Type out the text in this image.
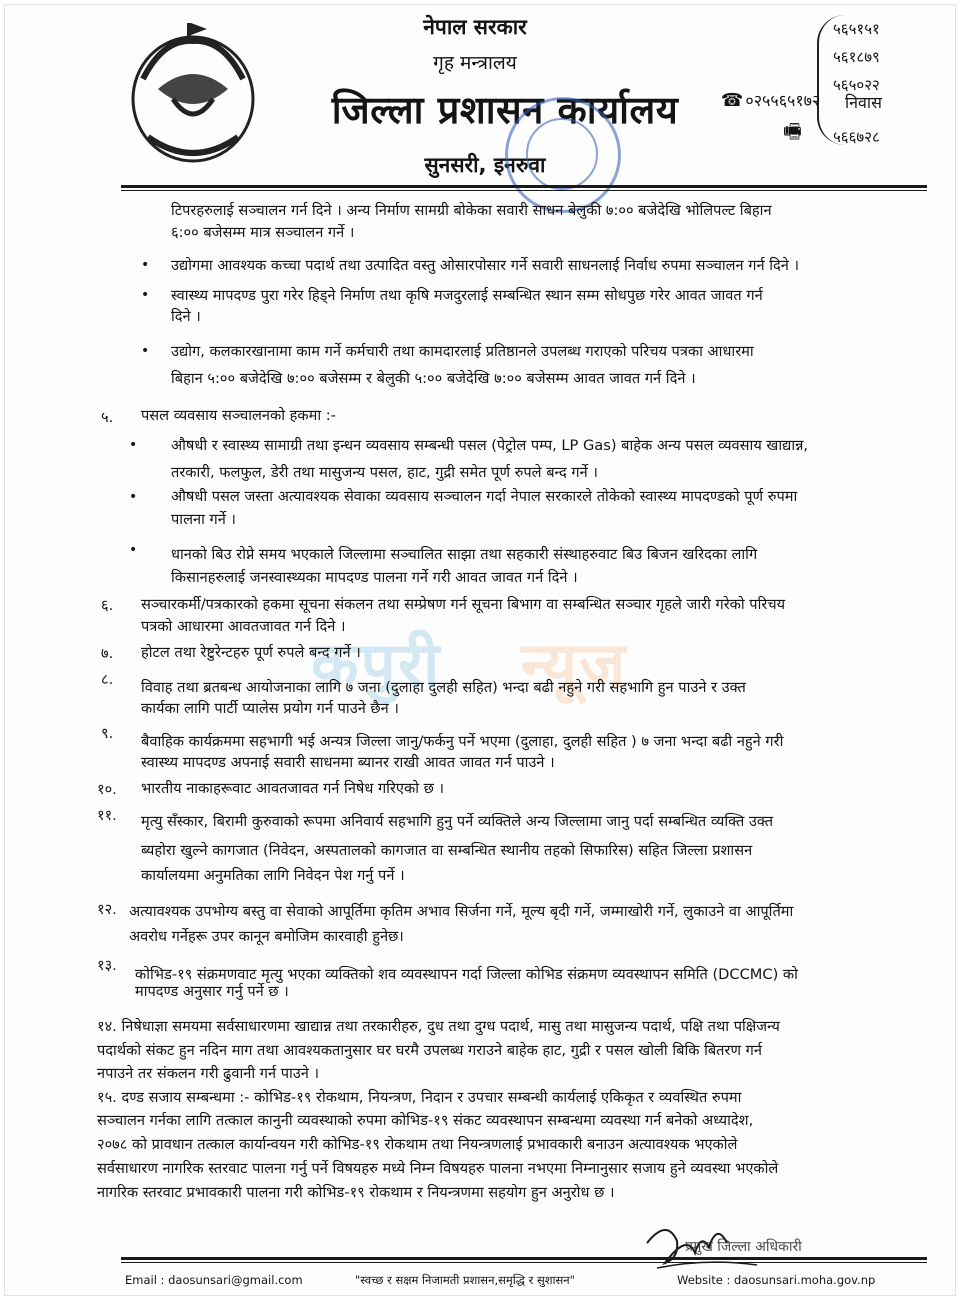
नेपाल सरकार
गृह मन्त्रालय
जिल्ला प्रशासन कार्यालय
सुनसरी, इनरुवा
५६५१५१
५६१८७९
५६५०२२
५६६७२८
☎ ०२५५६५१७२ निवास
🖷
कपुरी न्यूज
टिपरहरुलाई सञ्चालन गर्न दिने । अन्य निर्माण सामग्री बोकेका सवारी साधन बेलुकी ७:०० बजेदेखि भोलिपल्ट बिहान
६:०० बजेसम्म मात्र सञ्चालन गर्ने ।
• उद्योगमा आवश्यक कच्चा पदार्थ तथा उत्पादित वस्तु ओसारपोसार गर्ने सवारी साधनलाई निर्वाध रुपमा सञ्चालन गर्न दिने ।
• स्वास्थ्य मापदण्ड पुरा गरेर हिड्ने निर्माण तथा कृषि मजदुरलाई सम्बन्धित स्थान सम्म सोधपुछ गरेर आवत जावत गर्न
दिने ।
• उद्योग, कलकारखानामा काम गर्ने कर्मचारी तथा कामदारलाई प्रतिष्ठानले उपलब्ध गराएको परिचय पत्रका आधारमा
बिहान ५:०० बजेदेखि ७:०० बजेसम्म र बेलुकी ५:०० बजेदेखि ७:०० बजेसम्म आवत जावत गर्न दिने ।
५. पसल व्यवसाय सञ्चालनको हकमा :-
• औषधी र स्वास्थ्य सामाग्री तथा इन्धन व्यवसाय सम्बन्धी पसल (पेट्रोल पम्प, LP Gas) बाहेक अन्य पसल व्यवसाय खाद्यान्न,
तरकारी, फलफुल, डेरी तथा मासुजन्य पसल, हाट, गुद्री समेत पूर्ण रुपले बन्द गर्ने ।
• औषधी पसल जस्ता अत्यावश्यक सेवाका व्यवसाय सञ्चालन गर्दा नेपाल सरकारले तोकेको स्वास्थ्य मापदण्डको पूर्ण रुपमा
पालना गर्ने ।
• धानको बिउ रोप्ने समय भएकाले जिल्लामा सञ्चालित साझा तथा सहकारी संस्थाहरुवाट बिउ बिजन खरिदका लागि
किसानहरुलाई जनस्वास्थ्यका मापदण्ड पालना गर्ने गरी आवत जावत गर्न दिने ।
६. सञ्चारकर्मी/पत्रकारको हकमा सूचना संकलन तथा सम्प्रेषण गर्न सूचना बिभाग वा सम्बन्धित सञ्चार गृहले जारी गरेको परिचय
पत्रको आधारमा आवतजावत गर्न दिने ।
७. होटल तथा रेष्टुरेन्टहरु पूर्ण रुपले बन्द गर्ने ।
८. विवाह तथा ब्रतबन्ध आयोजनाका लागि ७ जना (दुलाहा दुलही सहित) भन्दा बढी नहुने गरी सहभागि हुन पाउने र उक्त
कार्यका लागि पार्टी प्यालेस प्रयोग गर्न पाउने छैन ।
९. बैवाहिक कार्यक्रममा सहभागी भई अन्यत्र जिल्ला जानु/फर्कनु पर्ने भएमा (दुलाहा, दुलही सहित ) ७ जना भन्दा बढी नहुने गरी
स्वास्थ्य मापदण्ड अपनाई सवारी साधनमा ब्यानर राखी आवत जावत गर्न पाउने ।
१०. भारतीय नाकाहरूवाट आवतजावत गर्न निषेध गरिएको छ ।
११. मृत्यु सँस्कार, बिरामी कुरुवाको रूपमा अनिवार्य सहभागि हुनु पर्ने व्यक्तिले अन्य जिल्लामा जानु पर्दा सम्बन्धित व्यक्ति उक्त
ब्यहोरा खुल्ने कागजात (निवेदन, अस्पतालको कागजात वा सम्बन्धित स्थानीय तहको सिफारिस) सहित जिल्ला प्रशासन
कार्यालयमा अनुमतिका लागि निवेदन पेश गर्नु पर्ने ।
१२. अत्यावश्यक उपभोग्य बस्तु वा सेवाको आपूर्तिमा कृतिम अभाव सिर्जना गर्ने, मूल्य बृदी गर्ने, जम्माखोरी गर्ने, लुकाउने वा आपूर्तिमा
अवरोध गर्नेहरू उपर कानून बमोजिम कारवाही हुनेछ।
१३.
कोभिड-१९ संक्रमणवाट मृत्यु भएका व्यक्तिको शव व्यवस्थापन गर्दा जिल्ला कोभिड संक्रमण व्यवस्थापन समिति (DCCMC) को
मापदण्ड अनुसार गर्नु पर्ने छ ।
१४. निषेधाज्ञा समयमा सर्वसाधारणमा खाद्यान्न तथा तरकारीहरु, दुध तथा दुग्ध पदार्थ, मासु तथा मासुजन्य पदार्थ, पक्षि तथा पक्षिजन्य
पदार्थको संकट हुन नदिन माग तथा आवश्यकतानुसार घर घरमै उपलब्ध गराउने बाहेक हाट, गुद्री र पसल खोली बिकि बितरण गर्न
नपाउने तर संकलन गरी ढुवानी गर्न पाउने ।
१५. दण्ड सजाय सम्बन्धमा :- कोभिड-१९ रोकथाम, नियन्त्रण, निदान र उपचार सम्बन्धी कार्यलाई एकिकृत र व्यवस्थित रुपमा
सञ्चालन गर्नका लागि तत्काल कानुनी व्यवस्थाको रुपमा कोभिड-१९ संकट व्यवस्थापन सम्बन्धमा व्यवस्था गर्न बनेको अध्यादेश,
२०७८ को प्रावधान तत्काल कार्यान्वयन गरी कोभिड-१९ रोकथाम तथा नियन्त्रणलाई प्रभावकारी बनाउन अत्यावश्यक भएकोले
सर्वसाधारण नागरिक स्तरवाट पालना गर्नु पर्ने विषयहरु मध्ये निम्न विषयहरु पालना नभएमा निम्नानुसार सजाय हुने व्यवस्था भएकोले
नागरिक स्तरवाट प्रभावकारी पालना गरी कोभिड-१९ रोकथाम र नियन्त्रणमा सहयोग हुन अनुरोध छ ।
प्रमुख जिल्ला अधिकारी
Email : daosunsari@gmail.com	"स्वच्छ र सक्षम निजामती प्रशासन,समृद्धि र सुशासन"	Website : daosunsari.moha.gov.np
